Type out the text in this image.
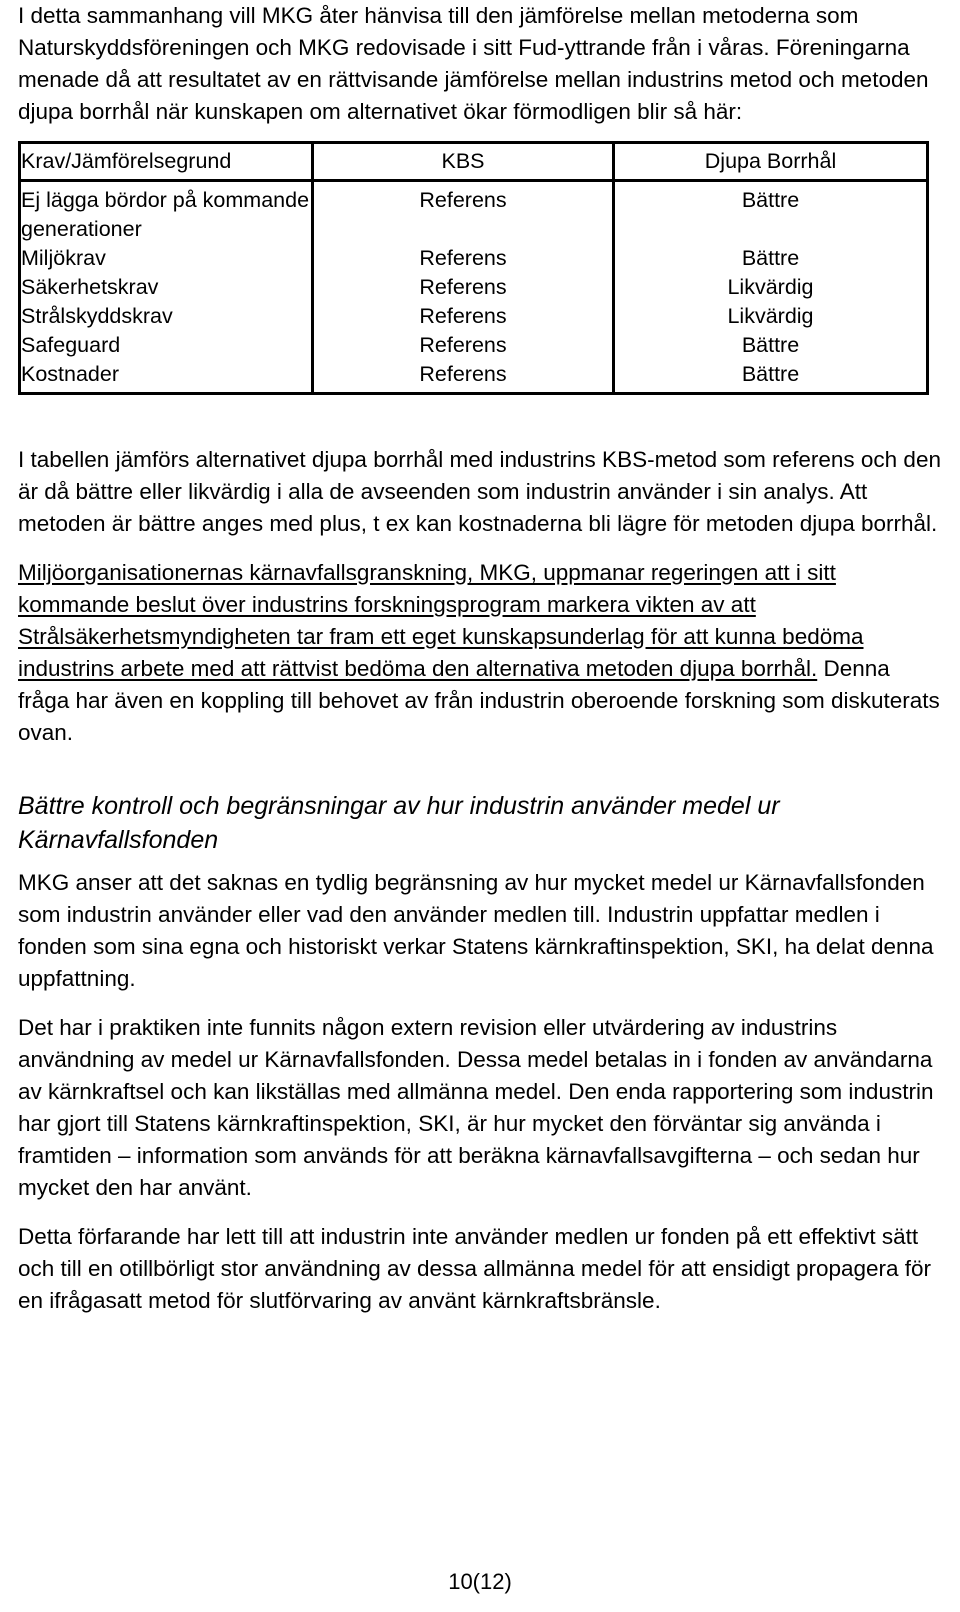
I detta sammanhang vill MKG åter hänvisa till den jämförelse mellan metoderna som Naturskyddsföreningen och MKG redovisade i sitt Fud-yttrande från i våras. Föreningarna menade då att resultatet av en rättvisande jämförelse mellan industrins metod och metoden djupa borrhål när kunskapen om alternativet ökar förmodligen blir så här:

Krav/Jämförelsegrund	KBS	Djupa Borrhål
Ej lägga bördor på kommande generationer	Referens	Bättre
Miljökrav	Referens	Bättre
Säkerhetskrav	Referens	Likvärdig
Strålskyddskrav	Referens	Likvärdig
Safeguard	Referens	Bättre
Kostnader	Referens	Bättre

I tabellen jämförs alternativet djupa borrhål med industrins KBS-metod som referens och den är då bättre eller likvärdig i alla de avseenden som industrin använder i sin analys. Att metoden är bättre anges med plus, t ex kan kostnaderna bli lägre för metoden djupa borrhål.

Miljöorganisationernas kärnavfallsgranskning, MKG, uppmanar regeringen att i sitt kommande beslut över industrins forskningsprogram markera vikten av att Strålsäkerhetsmyndigheten tar fram ett eget kunskapsunderlag för att kunna bedöma industrins arbete med att rättvist bedöma den alternativa metoden djupa borrhål. Denna fråga har även en koppling till behovet av från industrin oberoende forskning som diskuterats ovan.

Bättre kontroll och begränsningar av hur industrin använder medel ur Kärnavfallsfonden

MKG anser att det saknas en tydlig begränsning av hur mycket medel ur Kärnavfallsfonden som industrin använder eller vad den använder medlen till. Industrin uppfattar medlen i fonden som sina egna och historiskt verkar Statens kärnkraftinspektion, SKI, ha delat denna uppfattning.

Det har i praktiken inte funnits någon extern revision eller utvärdering av industrins användning av medel ur Kärnavfallsfonden. Dessa medel betalas in i fonden av användarna av kärnkraftsel och kan likställas med allmänna medel. Den enda rapportering som industrin har gjort till Statens kärnkraftinspektion, SKI, är hur mycket den förväntar sig använda i framtiden – information som används för att beräkna kärnavfallsavgifterna – och sedan hur mycket den har använt.

Detta förfarande har lett till att industrin inte använder medlen ur fonden på ett effektivt sätt och till en otillbörligt stor användning av dessa allmänna medel för att ensidigt propagera för en ifrågasatt metod för slutförvaring av använt kärnkraftsbränsle.

10(12)
